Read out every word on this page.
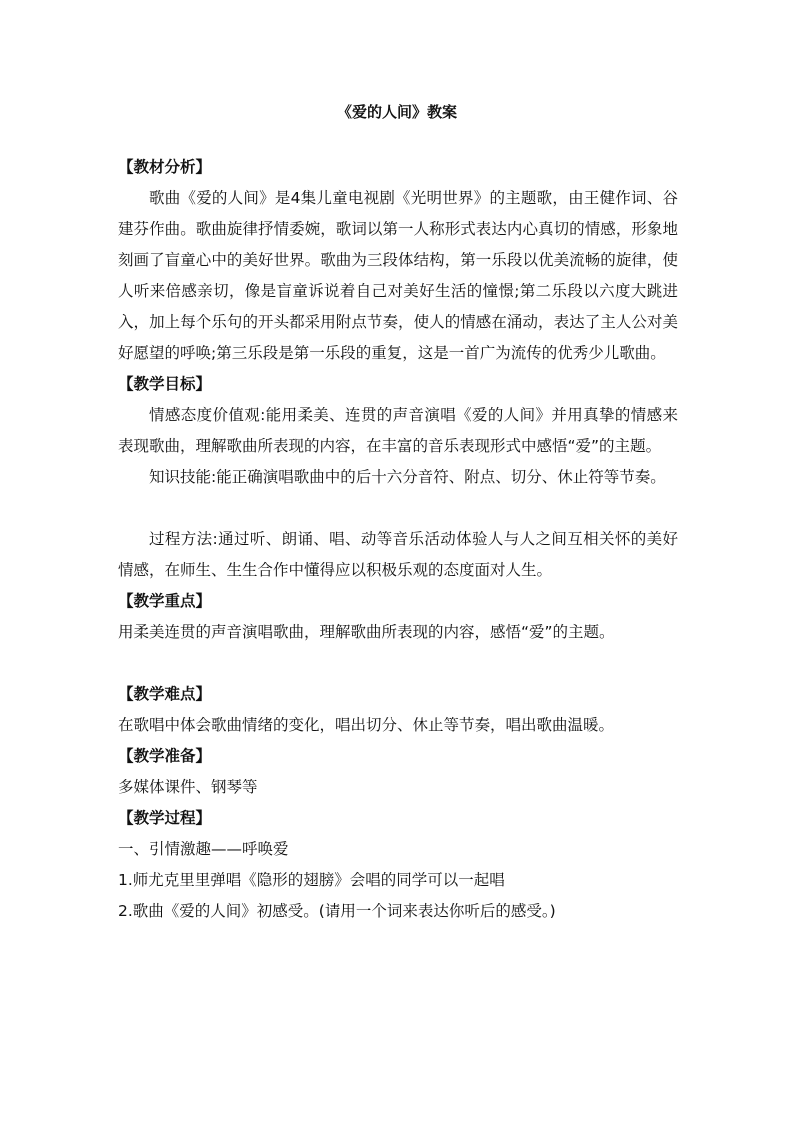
《爱的人间》教案

【教材分析】

歌曲《爱的人间》是4集儿童电视剧《光明世界》的主题歌，由王健作词、谷建芬作曲。歌曲旋律抒情委婉，歌词以第一人称形式表达内心真切的情感，形象地刻画了盲童心中的美好世界。歌曲为三段体结构，第一乐段以优美流畅的旋律，使人听来倍感亲切，像是盲童诉说着自己对美好生活的憧憬;第二乐段以六度大跳进入，加上每个乐句的开头都采用附点节奏，使人的情感在涌动，表达了主人公对美好愿望的呼唤;第三乐段是第一乐段的重复，这是一首广为流传的优秀少儿歌曲。

【教学目标】

情感态度价值观:能用柔美、连贯的声音演唱《爱的人间》并用真挚的情感来表现歌曲，理解歌曲所表现的内容，在丰富的音乐表现形式中感悟“爱”的主题。

知识技能:能正确演唱歌曲中的后十六分音符、附点、切分、休止符等节奏。

过程方法:通过听、朗诵、唱、动等音乐活动体验人与人之间互相关怀的美好情感，在师生、生生合作中懂得应以积极乐观的态度面对人生。

【教学重点】

用柔美连贯的声音演唱歌曲，理解歌曲所表现的内容，感悟“爱”的主题。

【教学难点】

在歌唱中体会歌曲情绪的变化，唱出切分、休止等节奏，唱出歌曲温暖。

【教学准备】

多媒体课件、钢琴等

【教学过程】

一、引情激趣——呼唤爱

1.师尤克里里弹唱《隐形的翅膀》会唱的同学可以一起唱

2.歌曲《爱的人间》初感受。(请用一个词来表达你听后的感受。)
